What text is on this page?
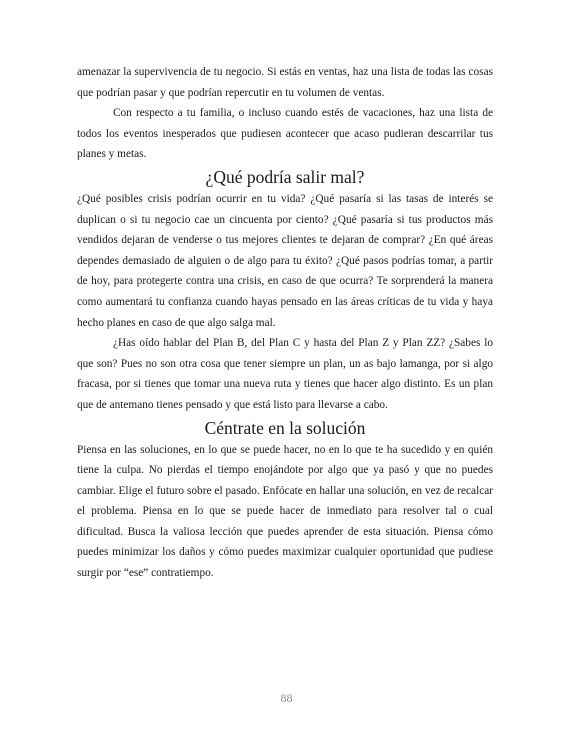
amenazar la supervivencia de tu negocio. Si estás en ventas, haz una lista de todas las cosas que podrían pasar y que podrían repercutir en tu volumen de ventas.

Con respecto a tu familia, o incluso cuando estés de vacaciones, haz una lista de todos los eventos inesperados que pudiesen acontecer que acaso pudieran descarrilar tus planes y metas.

¿Qué podría salir mal?

¿Qué posibles crisis podrían ocurrir en tu vida? ¿Qué pasaría si las tasas de interés se duplican o si tu negocio cae un cincuenta por ciento? ¿Qué pasaría si tus productos más vendidos dejaran de venderse o tus mejores clientes te dejaran de comprar? ¿En qué áreas dependes demasiado de alguien o de algo para tu éxito? ¿Qué pasos podrías tomar, a partir de hoy, para protegerte contra una crisis, en caso de que ocurra? Te sorprenderá la manera como aumentará tu confianza cuando hayas pensado en las áreas críticas de tu vida y haya hecho planes en caso de que algo salga mal.

¿Has oído hablar del Plan B, del Plan C y hasta del Plan Z y Plan ZZ? ¿Sabes lo que son? Pues no son otra cosa que tener siempre un plan, un as bajo lamanga, por si algo fracasa, por si tienes que tomar una nueva ruta y tienes que hacer algo distinto. Es un plan que de antemano tienes pensado y que está listo para llevarse a cabo.

Céntrate en la solución

Piensa en las soluciones, en lo que se puede hacer, no en lo que te ha sucedido y en quién tiene la culpa. No pierdas el tiempo enojándote por algo que ya pasó y que no puedes cambiar. Elige el futuro sobre el pasado. Enfócate en hallar una solución, en vez de recalcar el problema. Piensa en lo que se puede hacer de inmediato para resolver tal o cual dificultad. Busca la valiosa lección que puedes aprender de esta situación. Piensa cómo puedes minimizar los daños y cómo puedes maximizar cualquier oportunidad que pudiese surgir por “ese” contratiempo.

88
